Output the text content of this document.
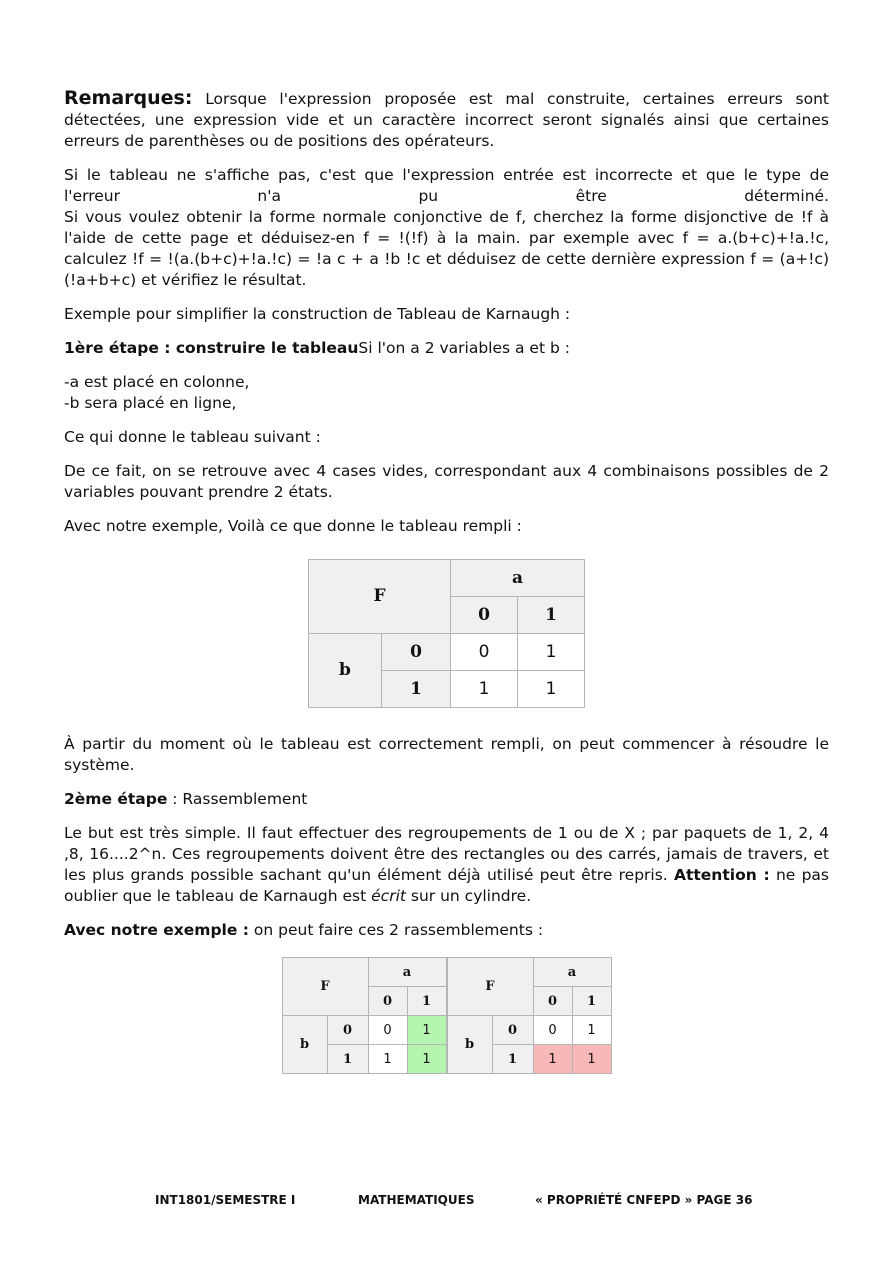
Remarques: Lorsque l'expression proposée est mal construite, certaines erreurs sont détectées, une expression vide et un caractère incorrect seront signalés ainsi que certaines erreurs de parenthèses ou de positions des opérateurs.

Si le tableau ne s'affiche pas, c'est que l'expression entrée est incorrecte et que le type de l'erreur n'a pu être déterminé.

Si vous voulez obtenir la forme normale conjonctive de f, cherchez la forme disjonctive de !f à l'aide de cette page et déduisez-en f = !(!f) à la main. par exemple avec f = a.(b+c)+!a.!c, calculez !f = !(a.(b+c)+!a.!c) = !a c + a !b !c et déduisez de cette dernière expression f = (a+!c)(!a+b+c) et vérifiez le résultat.

Exemple pour simplifier la construction de Tableau de Karnaugh :

1ère étape : construire le tableauSi l'on a 2 variables a et b :

-a est placé en colonne,
-b sera placé en ligne,

Ce qui donne le tableau suivant :

De ce fait, on se retrouve avec 4 cases vides, correspondant aux 4 combinaisons possibles de 2 variables pouvant prendre 2 états.

Avec notre exemple, Voilà ce que donne le tableau rempli :

F		a	
		0	1
b	0	0	1
	1	1	1

À partir du moment où le tableau est correctement rempli, on peut commencer à résoudre le système.

2ème étape : Rassemblement

Le but est très simple. Il faut effectuer des regroupements de 1 ou de X ; par paquets de 1, 2, 4 ,8, 16....2^n. Ces regroupements doivent être des rectangles ou des carrés, jamais de travers, et les plus grands possible sachant qu'un élément déjà utilisé peut être repris. Attention : ne pas oublier que le tableau de Karnaugh est écrit sur un cylindre.

Avec notre exemple : on peut faire ces 2 rassemblements :

F		a	
		0	1
b	0	0	1
	1	1	1
F		a	
		0	1
b	0	0	1
	1	1	1
INT1801/SEMESTRE I	MATHEMATIQUES	« PROPRIÉTÉ CNFEPD » PAGE 36
